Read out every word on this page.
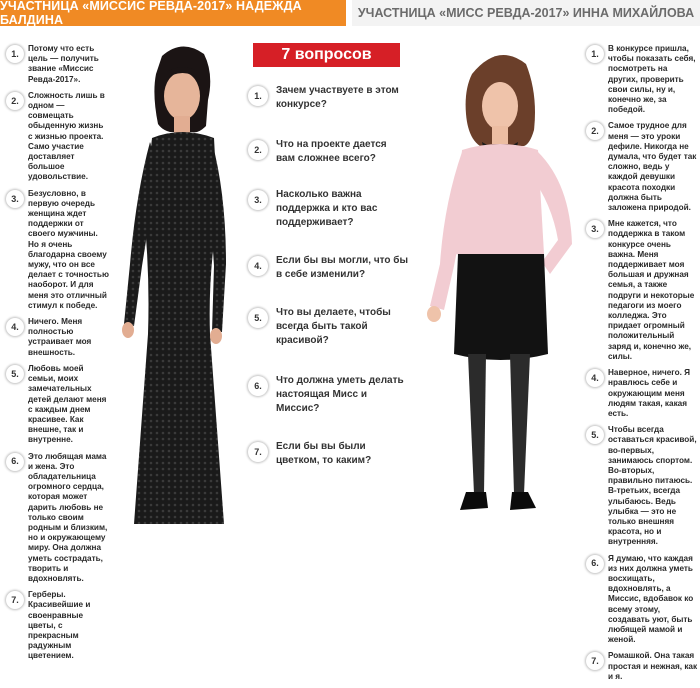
УЧАСТНИЦА «МИССИС РЕВДА-2017» НАДЕЖДА БАЛДИНА	УЧАСТНИЦА «МИСС РЕВДА-2017» ИННА МИХАЙЛОВА
1.
Потому что есть цель — получить звание «Миссис Ревда-2017».
2.
Сложность лишь в одном — совмещать обыденную жизнь с жизнью проекта. Само участие доставляет большое удовольствие.
3.
Безусловно, в первую очередь женщина ждет поддержки от своего мужчины. Но я очень благодарна своему мужу, что он все делает с точностью наоборот. И для меня это отличный стимул к победе.
4.
Ничего. Меня полностью устраивает моя внешность.
5.
Любовь моей семьи, моих замечательных детей делают меня с каждым днем красивее. Как внешне, так и внутренне.
6.
Это любящая мама и жена. Это обладательница огромного сердца, которая может дарить любовь не только своим родным и близким, но и окружающему миру. Она должна уметь сострадать, творить и вдохновлять.
7.
Герберы. Красивейшие и своенравные цветы, с прекрасным радужным цветением.
7 вопросов
1.	Зачем участвуете в этом конкурсе?
2.	Что на проекте дается вам сложнее всего?
3.	Насколько важна поддержка и кто вас поддерживает?
4.	Если бы вы могли, что бы в себе изменили?
5.	Что вы делаете, чтобы всегда быть такой красивой?
6.	Что должна уметь делать настоящая Мисс и Миссис?
7.	Если бы вы были цветком, то каким?
1.
В конкурсе пришла, чтобы показать себя, посмотреть на других, проверить свои силы, ну и, конечно же, за победой.
2.
Самое трудное для меня — это уроки дефиле. Никогда не думала, что будет так сложно, ведь у каждой девушки красота походки должна быть заложена природой.
3.
Мне кажется, что поддержка в таком конкурсе очень важна. Меня поддерживает моя большая и дружная семья, а также подруги и некоторые педагоги из моего колледжа. Это придает огромный положительный заряд и, конечно же, силы.
4.
Наверное, ничего. Я нравлюсь себе и окружающим меня людям такая, какая есть.
5.
Чтобы всегда оставаться красивой, во-первых, занимаюсь спортом. Во-вторых, правильно питаюсь. В-третьих, всегда улыбаюсь. Ведь улыбка — это не только внешняя красота, но и внутренняя.
6.
Я думаю, что каждая из них должна уметь восхищать, вдохновлять, а Миссис, вдобавок ко всему этому, создавать уют, быть любящей мамой и женой.
7.
Ромашкой. Она такая простая и нежная, как и я.
